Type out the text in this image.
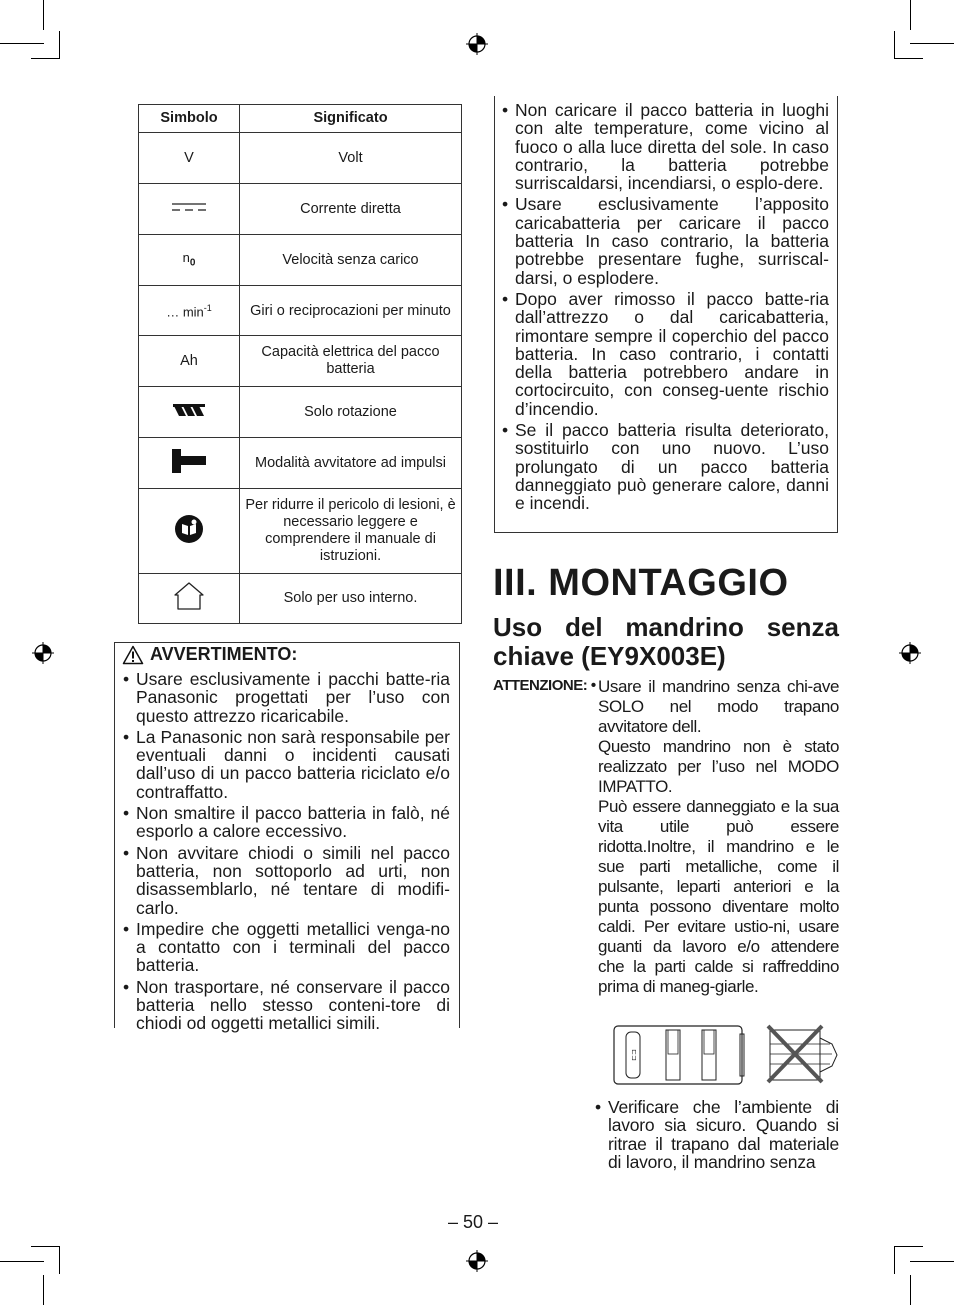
Simbolo	Significato
V	Volt
	Corrente diretta
$n_0$	Velocità senza carico
… $\min^{-1}$	Giri o reciprocazioni per minuto
Ah	Capacità elettrica del pacco batteria
	Solo rotazione
	Modalità avvitatore ad impulsi
	Per ridurre il pericolo di lesioni, è necessario leggere e comprendere il manuale di istruzioni.
	Solo per uso interno.
AVVERTIMENTO:
• Usare esclusivamente i pacchi batte-ria Panasonic progettati per l’uso con questo attrezzo ricaricabile.
• La Panasonic non sarà responsabile per eventuali danni o incidenti causati dall’uso di un pacco batteria riciclato e/o contraffatto.
• Non smaltire il pacco batteria in falò, né esporlo a calore eccessivo.
• Non avvitare chiodi o simili nel pacco batteria, non sottoporlo ad urti, non disassemblarlo, né tentare di modifi-carlo.
• Impedire che oggetti metallici venga-no a contatto con i terminali del pacco batteria.
• Non trasportare, né conservare il pacco batteria nello stesso conteni-tore di chiodi od oggetti metallici simili.
• Non caricare il pacco batteria in luoghi con alte temperature, come vicino al fuoco o alla luce diretta del sole. In caso contrario, la batteria potrebbe surriscaldarsi, incendiarsi, o esplo-dere.
• Usare esclusivamente l’apposito caricabatteria per caricare il pacco batteria In caso contrario, la batteria potrebbe presentare fughe, surriscal-darsi, o esplodere.
• Dopo aver rimosso il pacco batte-ria dall’attrezzo o dal caricabatteria, rimontare sempre il coperchio del pacco batteria. In caso contrario, i contatti della batteria potrebbero andare in cortocircuito, con conseg-uente rischio d’incendio.
• Se il pacco batteria risulta deteriorato, sostituirlo con uno nuovo. L’uso prolungato di un pacco batteria danneggiato può generare calore, danni e incendi.
III. MONTAGGIO
Uso del mandrino senza chiave (EY9X003E)
ATTENZIONE: • Usare il mandrino senza chi-ave SOLO nel modo trapano avvitatore dell.

Questo mandrino non è stato realizzato per l’uso nel MODO IMPATTO.

Può essere danneggiato e la sua vita utile può essere ridotta.Inoltre, il mandrino e le sue parti metalliche, come il pulsante, leparti anteriori e la punta possono diventare molto caldi. Per evitare ustio-ni, usare guanti da lavoro e/o attendere che la parti calde si raffreddino prima di maneg-giarle.

⊏⊐
• Verificare che l’ambiente di lavoro sia sicuro. Quando si ritrae il trapano dal materiale di lavoro, il mandrino senza
– 50 –
